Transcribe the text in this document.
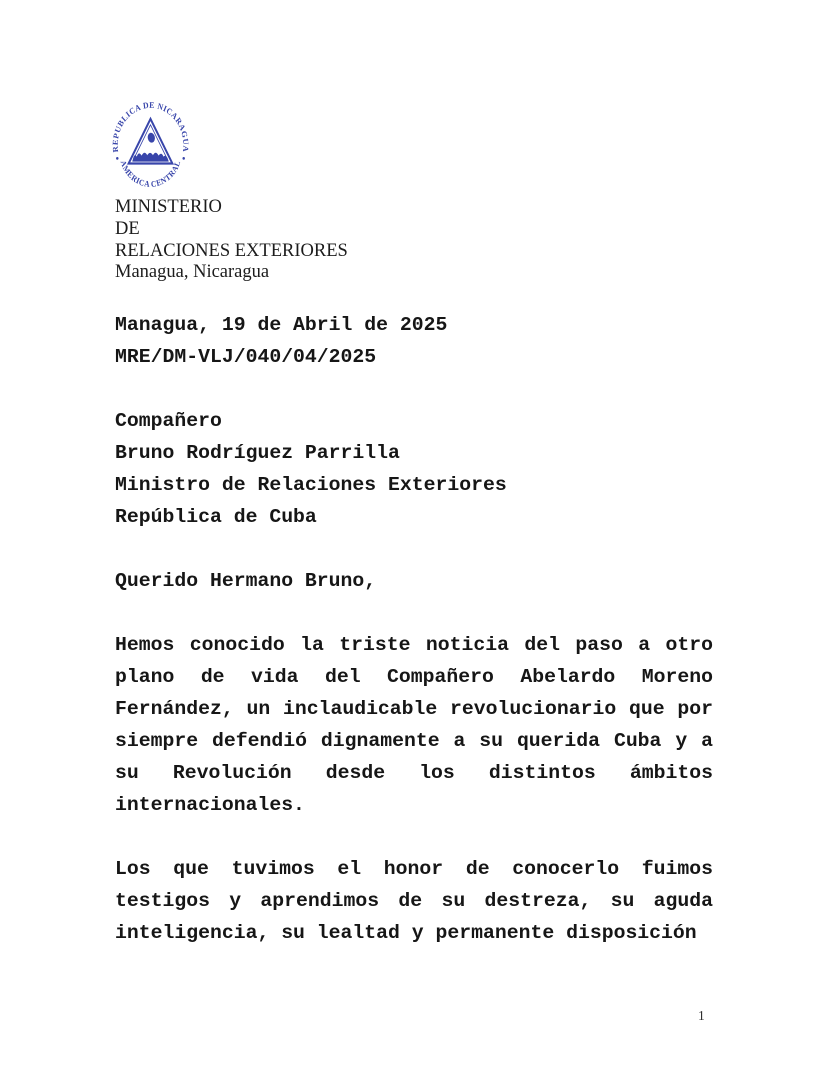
REPUBLICA DE NICARAGUA
AMERICA CENTRAL
MINISTERIO
DE
RELACIONES EXTERIORES
Managua, Nicaragua
Managua, 19 de Abril de 2025
MRE/DM-VLJ/040/04/2025
Compañero
Bruno Rodríguez Parrilla
Ministro de Relaciones Exteriores
República de Cuba
Querido Hermano Bruno,

Hemos conocido la triste noticia del paso a otro plano de vida del Compañero Abelardo Moreno Fernández, un inclaudicable revolucionario que por siempre defendió dignamente a su querida Cuba y a su Revolución desde los distintos ámbitos internacionales.

Los que tuvimos el honor de conocerlo fuimos testigos y aprendimos de su destreza, su aguda inteligencia, su lealtad y permanente disposición

1
